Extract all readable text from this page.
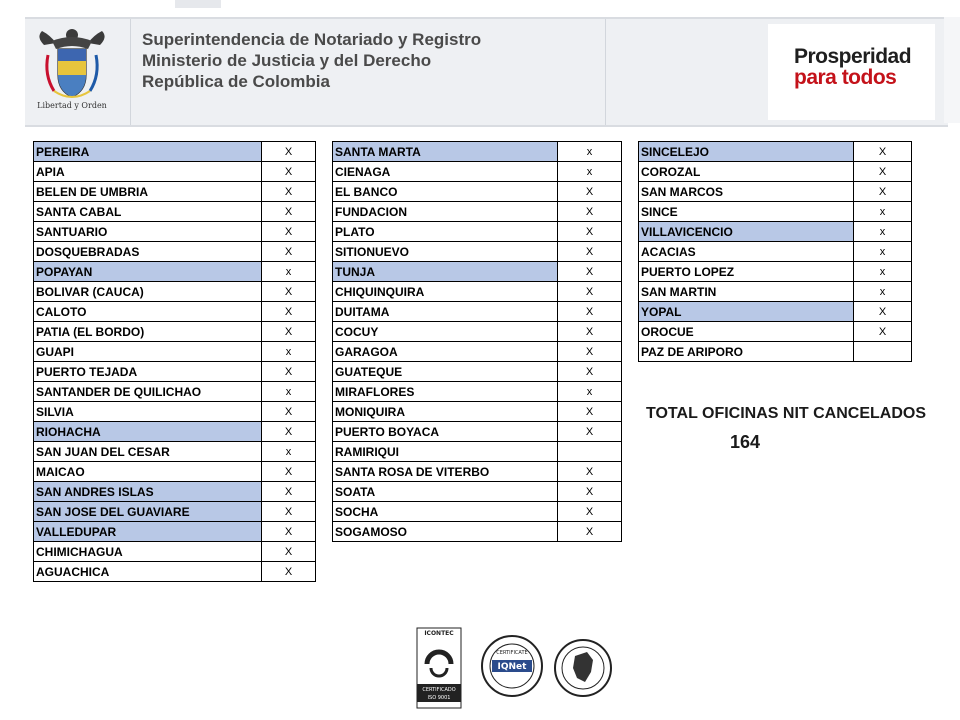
Libertad y Orden
Superintendencia de Notariado y Registro
Ministerio de Justicia y del Derecho
República de Colombia
Prosperidad
para todos
PEREIRA	X
APIA	X
BELEN DE UMBRIA	X
SANTA CABAL	X
SANTUARIO	X
DOSQUEBRADAS	X
POPAYAN	x
BOLIVAR (CAUCA)	X
CALOTO	X
PATIA (EL BORDO)	X
GUAPI	x
PUERTO TEJADA	X
SANTANDER DE QUILICHAO	x
SILVIA	X
RIOHACHA	X
SAN JUAN DEL CESAR	x
MAICAO	X
SAN ANDRES ISLAS	X
SAN JOSE DEL GUAVIARE	X
VALLEDUPAR	X
CHIMICHAGUA	X
AGUACHICA	X
SANTA MARTA	x
CIENAGA	x
EL BANCO	X
FUNDACION	X
PLATO	X
SITIONUEVO	X
TUNJA	X
CHIQUINQUIRA	X
DUITAMA	X
COCUY	X
GARAGOA	X
GUATEQUE	X
MIRAFLORES	x
MONIQUIRA	X
PUERTO BOYACA	X
RAMIRIQUI	
SANTA ROSA DE VITERBO	X
SOATA	X
SOCHA	X
SOGAMOSO	X
SINCELEJO	X
COROZAL	X
SAN MARCOS	X
SINCE	x
VILLAVICENCIO	x
ACACIAS	x
PUERTO LOPEZ	x
SAN MARTIN	x
YOPAL	X
OROCUE	X
PAZ DE ARIPORO	
TOTAL OFICINAS NIT CANCELADOS
164
ICONTEC
CERTIFICADO
ISO 9001
IQNet
CERTIFICATE
